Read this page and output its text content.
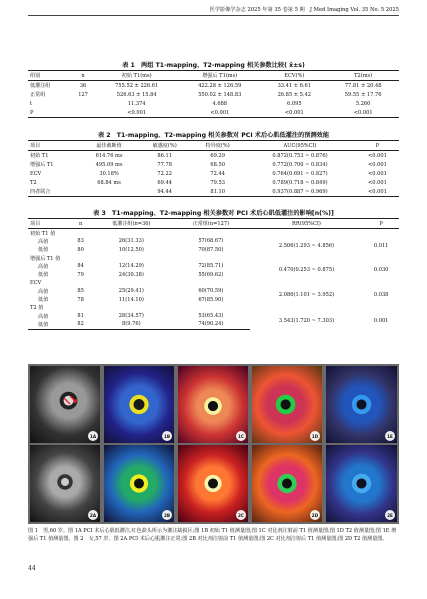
医学影像学杂志 2025 年第 35 卷第 5 期　J Med Imaging Vol. 35 No. 5 2025
表 1　两组 T1-mapping、T2-mapping 相关参数比较( x̄±s)
组别	n	初始 T1(ms)	增强后 T1(ms)	ECV(%)	T2(ms)
低灌注组	36	755.52 ± 226.61	422.28 ± 126.59	33.41 ± 6.61	77.81 ± 20.48
正常组	127	526.63 ± 15.84	550.02 ± 148.83	26.85 ± 5.42	59.55 ± 17.76
t		11.374	4.688	6.095	5.260
P		<0.001	<0.001	<0.001	<0.001
表 2　T1-mapping、T2-mapping 相关参数对 PCI 术后心肌低灌注的预测效能
项目	最佳截断值	敏感度(%)	特异度(%)	AUC(95%CI)	P
初始 T1	614.76 ms	86.11	69.29	0.872(0.753 ~ 0.876)	<0.001
增强后 T1	495.09 ms	77.78	68.50	0.772(0.700 ~ 0.834)	<0.001
ECV	30.18%	72.22	72.44	0.764(0.691 ~ 0.827)	<0.001
T2	68.84 ms	69.44	79.53	0.789(0.718 ~ 0.849)	<0.001
四者联合		94.44	81.10	0.937(0.887 ~ 0.969)	<0.001
表 3　T1-mapping、T2-mapping 相关参数对 PCI 术后心肌低灌注的影响[n(%)]
项目	n	低灌注组(n=36)	正常组(n=127)	RR(95%CI)	P
初始 T1 值					
高值	83	26(31.33)	57(68.67)	2.506(1.293 ~ 4.856)	0.011
低值	80	10(12.50)	70(87.50)		
增强后 T1 值					
高值	84	12(14.29)	72(85.71)	0.470(0.253 ~ 0.875)	0.030
低值	79	24(30.38)	55(69.62)		
ECV					
高值	85	25(29.41)	60(70.59)	2.086(1.101 ~ 3.952)	0.038
低值	78	11(14.10)	67(85.90)		
T2 值					
高值	81	28(34.57)	53(65.43)	3.543(1.720 ~ 7.303)	0.001
低值	82	8(9.76)	74(90.24)		
1A	1B	1C	1D	1E
2A	2B	2C	2D	2E
图 1　男,60 岁。图 1A PCI 术后心肌低灌注,红色箭头所示为灌注缺损区;图 1B 初始 T1 值测量图;图 1C 对比剂注射前 T1 值测量图;图 1D T2 值测量图;图 1E 增强后 T1 值测量图。图 2　女,57 岁。图 2A PCI 术后心肌灌注正常;图 2B 对比剂注射前 T1 值测量图;图 2C 对比剂注射后 T1 值测量图;图 2D T2 值测量图。
44
